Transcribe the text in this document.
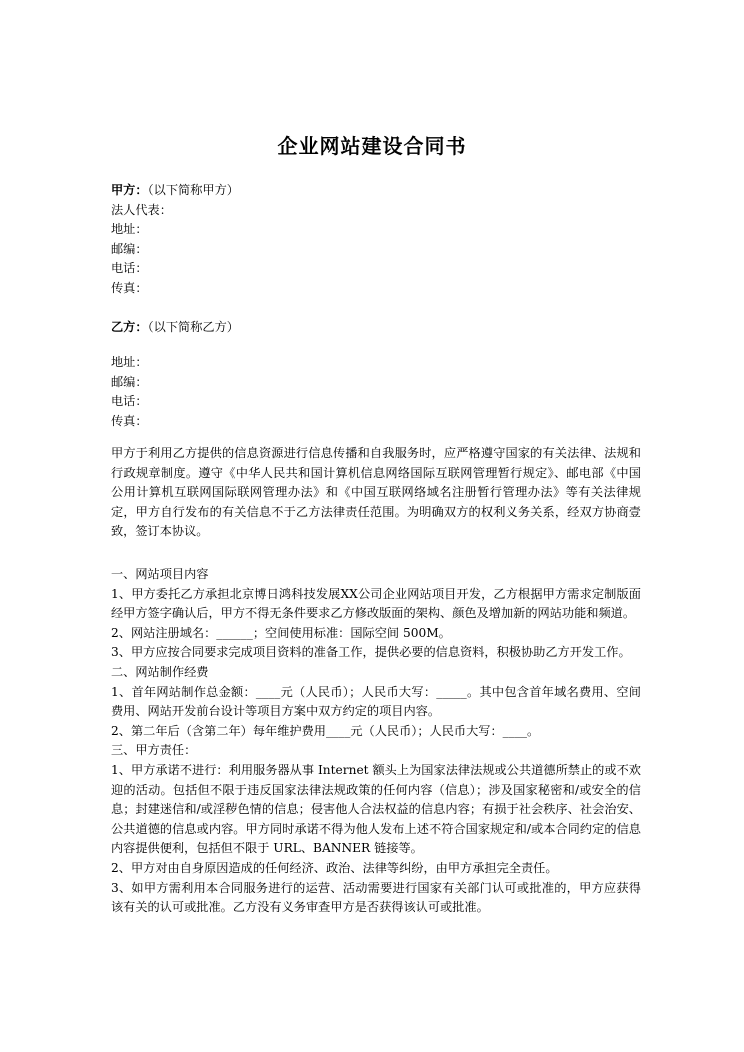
企业网站建设合同书
甲方：（以下简称甲方）
法人代表：
地址：
邮编：
电话：
传真：
乙方：（以下简称乙方）
地址：
邮编：
电话：
传真：
甲方于利用乙方提供的信息资源进行信息传播和自我服务时，应严格遵守国家的有关法律、法规和行政规章制度。遵守《中华人民共和国计算机信息网络国际互联网管理暂行规定》、邮电部《中国公用计算机互联网国际联网管理办法》和《中国互联网络域名注册暂行管理办法》等有关法律规定，甲方自行发布的有关信息不于乙方法律责任范围。为明确双方的权利义务关系，经双方协商壹致，签订本协议。
一、网站项目内容
1、甲方委托乙方承担北京博日鸿科技发展XX公司企业网站项目开发，乙方根据甲方需求定制版面经甲方签字确认后，甲方不得无条件要求乙方修改版面的架构、颜色及增加新的网站功能和频道。
2、网站注册域名：______；空间使用标准：国际空间 500M。
3、甲方应按合同要求完成项目资料的准备工作，提供必要的信息资料，积极协助乙方开发工作。
二、网站制作经费
1、首年网站制作总金额：____元（人民币）；人民币大写：_____。其中包含首年域名费用、空间费用、网站开发前台设计等项目方案中双方约定的项目内容。
2、第二年后（含第二年）每年维护费用____元（人民币）；人民币大写：____。
三、甲方责任：
1、甲方承诺不进行：利用服务器从事 Internet 额头上为国家法律法规或公共道德所禁止的或不欢迎的活动。包括但不限于违反国家法律法规政策的任何内容（信息）；涉及国家秘密和/或安全的信息；封建迷信和/或淫秽色情的信息；侵害他人合法权益的信息内容；有损于社会秩序、社会治安、公共道德的信息或内容。甲方同时承诺不得为他人发布上述不符合国家规定和/或本合同约定的信息内容提供便利，包括但不限于 URL、BANNER 链接等。
2、甲方对由自身原因造成的任何经济、政治、法律等纠纷，由甲方承担完全责任。
3、如甲方需利用本合同服务进行的运营、活动需要进行国家有关部门认可或批准的，甲方应获得该有关的认可或批准。乙方没有义务审查甲方是否获得该认可或批准。
